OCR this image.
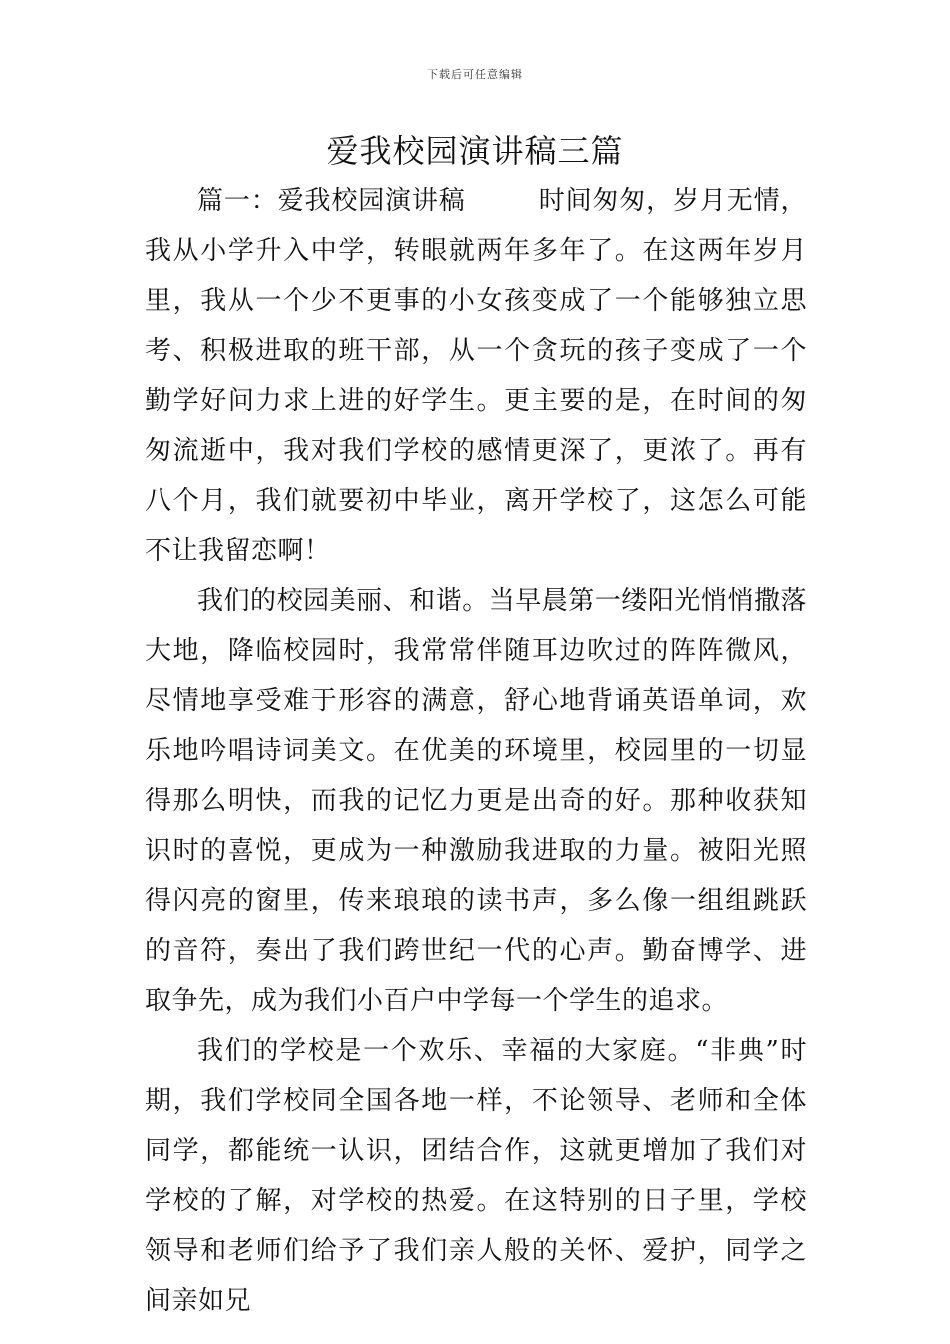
下载后可任意编辑
爱我校园演讲稿三篇

篇一：爱我校园演讲稿	时间匆匆，岁月无情，我从小学升入中学，转眼就两年多年了。在这两年岁月里，我从一个少不更事的小女孩变成了一个能够独立思考、积极进取的班干部，从一个贪玩的孩子变成了一个勤学好问力求上进的好学生。更主要的是，在时间的匆匆流逝中，我对我们学校的感情更深了，更浓了。再有八个月，我们就要初中毕业，离开学校了，这怎么可能不让我留恋啊！

我们的校园美丽、和谐。当早晨第一缕阳光悄悄撒落大地，降临校园时，我常常伴随耳边吹过的阵阵微风，尽情地享受难于形容的满意，舒心地背诵英语单词，欢乐地吟唱诗词美文。在优美的环境里，校园里的一切显得那么明快，而我的记忆力更是出奇的好。那种收获知识时的喜悦，更成为一种激励我进取的力量。被阳光照得闪亮的窗里，传来琅琅的读书声，多么像一组组跳跃的音符，奏出了我们跨世纪一代的心声。勤奋博学、进取争先，成为我们小百户中学每一个学生的追求。

我们的学校是一个欢乐、幸福的大家庭。“非典”时期，我们学校同全国各地一样，不论领导、老师和全体同学，都能统一认识，团结合作，这就更增加了我们对学校的了解，对学校的热爱。在这特别的日子里，学校领导和老师们给予了我们亲人般的关怀、爱护，同学之间亲如兄
